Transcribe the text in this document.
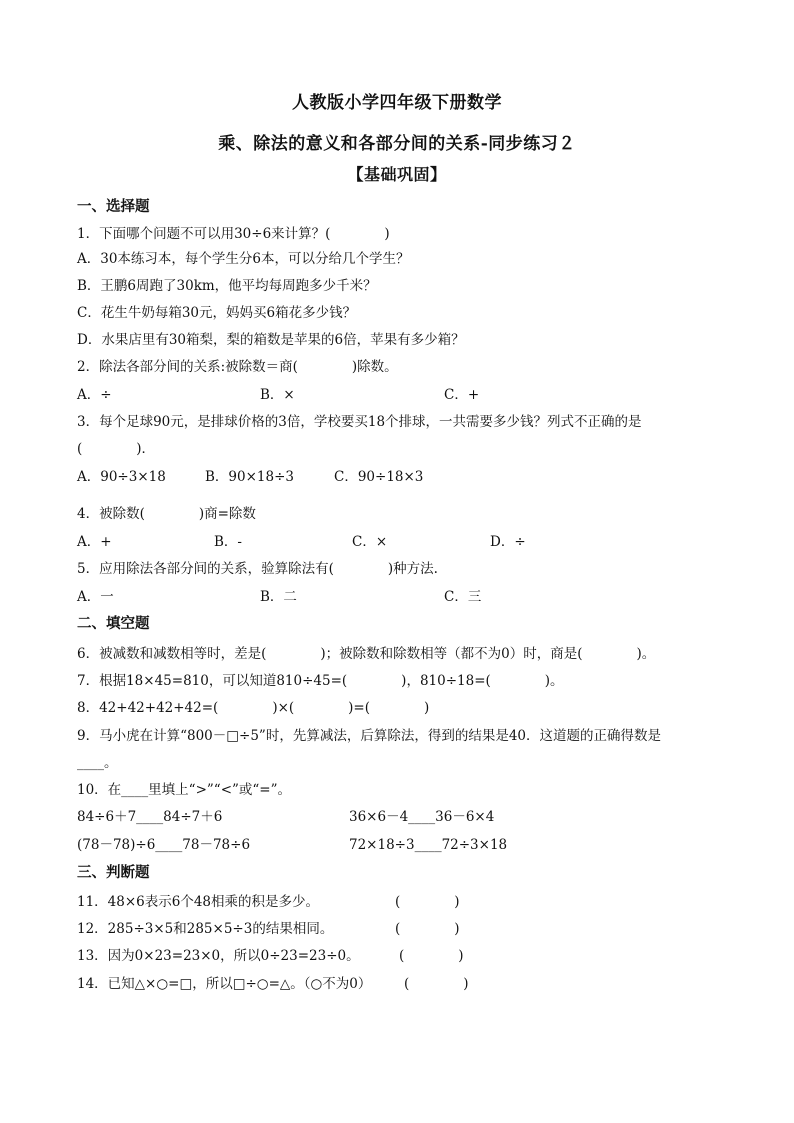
人教版小学四年级下册数学
乘、除法的意义和各部分间的关系-同步练习２
【基础巩固】
一、选择题
1．下面哪个问题不可以用30÷6来计算？(　　　　)
A．30本练习本，每个学生分6本，可以分给几个学生？
B．王鹏6周跑了30km，他平均每周跑多少千米？
C．花生牛奶每箱30元，妈妈买6箱花多少钱？
D．水果店里有30箱梨，梨的箱数是苹果的6倍，苹果有多少箱？
2．除法各部分间的关系:被除数＝商(　　　　)除数。
A．÷	B．×	C．+
3．每个足球90元，是排球价格的3倍，学校要买18个排球，一共需要多少钱？列式不正确的是
(　　　　)．
A．90÷3×18	B．90×18÷3	C．90÷18×3
4．被除数(　　　　)商=除数
A．+	B．-	C．×	D．÷
5．应用除法各部分间的关系，验算除法有(　　　　)种方法.
A．一	B．二	C．三
二、填空题
6．被减数和减数相等时，差是(　　　　)；被除数和除数相等（都不为0）时，商是(　　　　)。
7．根据18×45=810，可以知道810÷45=(　　　　)，810÷18=(　　　　)。
8．42+42+42+42=(　　　　)×(　　　　)=(　　　　)
9．马小虎在计算“800－□÷5”时，先算减法，后算除法，得到的结果是40．这道题的正确得数是
____。
10．在____里填上“>”“<”或“=”。
84÷6＋7____84÷7＋6	36×6－4____36－6×4
(78－78)÷6____78－78÷6	72×18÷3____72÷3×18
三、判断题
11．48×6表示6个48相乘的积是多少。	(　　　　)
12．285÷3×5和285×5÷3的结果相同。	(　　　　)
13．因为0×23=23×0，所以0÷23=23÷0。	(　　　　)
14．已知△×○=□，所以□÷○=△。（○不为0） (　　　　)
